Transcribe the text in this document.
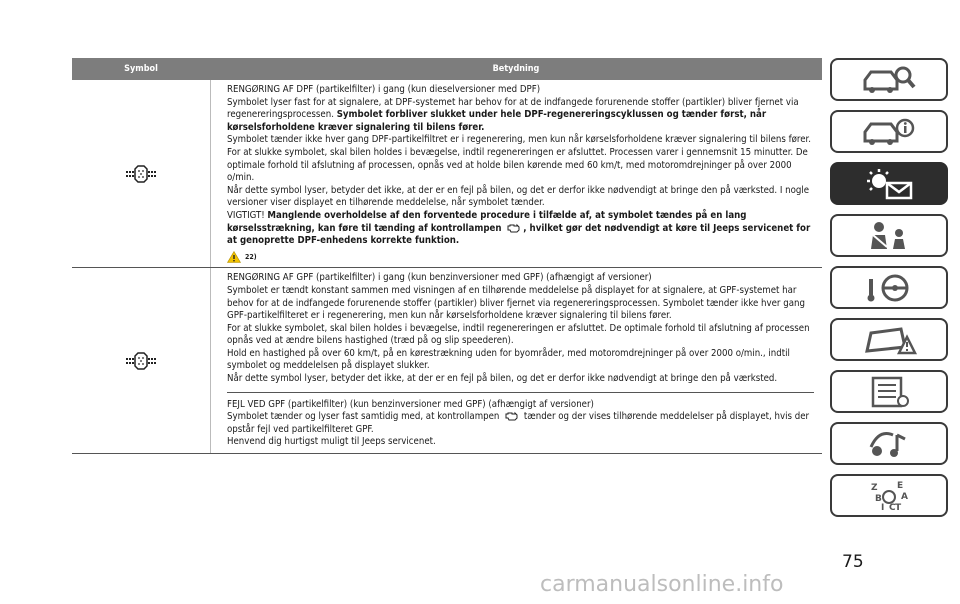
Symbol	Betydning

RENGØRING AF DPF (partikelfilter) i gang (kun dieselversioner med DPF)

Symbolet lyser fast for at signalere, at DPF-systemet har behov for at de indfangede forurenende stoffer (partikler) bliver fjernet via regenereringsprocessen. Symbolet forbliver slukket under hele DPF-regenereringscyklussen og tænder først, når kørselsforholdene kræver signalering til bilens fører.

Symbolet tænder ikke hver gang DPF-partikelfiltret er i regenerering, men kun når kørselsforholdene kræver signalering til bilens fører. For at slukke symbolet, skal bilen holdes i bevægelse, indtil regenereringen er afsluttet. Processen varer i gennemsnit 15 minutter. De optimale forhold til afslutning af processen, opnås ved at holde bilen kørende med 60 km/t, med motoromdrejninger på over 2000 o/min.

Når dette symbol lyser, betyder det ikke, at der er en fejl på bilen, og det er derfor ikke nødvendigt at bringe den på værksted. I nogle versioner viser displayet en tilhørende meddelelse, når symbolet tænder.

VIGTIGT! Manglende overholdelse af den forventede procedure i tilfælde af, at symbolet tændes på en lang kørselsstrækning, kan føre til tænding af kontrollampen , hvilket gør det nødvendigt at køre til Jeeps servicenet for at genoprette DPF-enhedens korrekte funktion.

22)

RENGØRING AF GPF (partikelfilter) i gang (kun benzinversioner med GPF) (afhængigt af versioner)

Symbolet er tændt konstant sammen med visningen af en tilhørende meddelelse på displayet for at signalere, at GPF-systemet har behov for at de indfangede forurenende stoffer (partikler) bliver fjernet via regenereringsprocessen. Symbolet tænder ikke hver gang GPF-partikelfilteret er i regenerering, men kun når kørselsforholdene kræver signalering til bilens fører.

For at slukke symbolet, skal bilen holdes i bevægelse, indtil regenereringen er afsluttet. De optimale forhold til afslutning af processen opnås ved at ændre bilens hastighed (træd på og slip speederen).

Hold en hastighed på over 60 km/t, på en kørestrækning uden for byområder, med motoromdrejninger på over 2000 o/min., indtil symbolet og meddelelsen på displayet slukker.

Når dette symbol lyser, betyder det ikke, at der er en fejl på bilen, og det er derfor ikke nødvendigt at bringe den på værksted.

FEJL VED GPF (partikelfilter) (kun benzinversioner med GPF) (afhængigt af versioner)

Symbolet tænder og lyser fast samtidig med, at kontrollampen  tænder og der vises tilhørende meddelelser på displayet, hvis der opstår fejl ved partikelfilteret GPF.

Henvend dig hurtigst muligt til Jeeps servicenet.

Z E
B A
I C T
75
carmanualsonline.info
